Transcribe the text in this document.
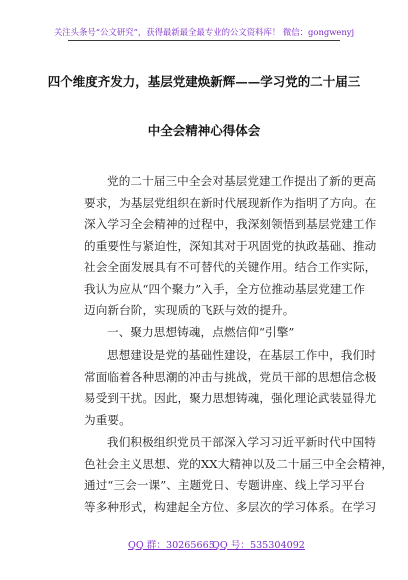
关注头条号“公文研究”，获得最新最全最专业的公文资料库！ 微信：gongwenyj
四个维度齐发力，基层党建焕新辉——学习党的二十届三
中全会精神心得体会
党的二十届三中全会对基层党建工作提出了新的更高
要求，为基层党组织在新时代展现新作为指明了方向。在
深入学习全会精神的过程中，我深刻领悟到基层党建工作
的重要性与紧迫性，深知其对于巩固党的执政基础、推动
社会全面发展具有不可替代的关键作用。结合工作实际，
我认为应从“四个聚力”入手，全方位推动基层党建工作
迈向新台阶，实现质的飞跃与效的提升。
一、聚力思想铸魂，点燃信仰“引擎”
思想建设是党的基础性建设，在基层工作中，我们时
常面临着各种思潮的冲击与挑战，党员干部的思想信念极
易受到干扰。因此，聚力思想铸魂，强化理论武装显得尤
为重要。
我们积极组织党员干部深入学习习近平新时代中国特
色社会主义思想、党的XX大精神以及二十届三中全会精神，
通过“三会一课”、主题党日、专题讲座、线上学习平台
等多种形式，构建起全方位、多层次的学习体系。在学习
QQ 群：30265665
QQ 号：535304092
